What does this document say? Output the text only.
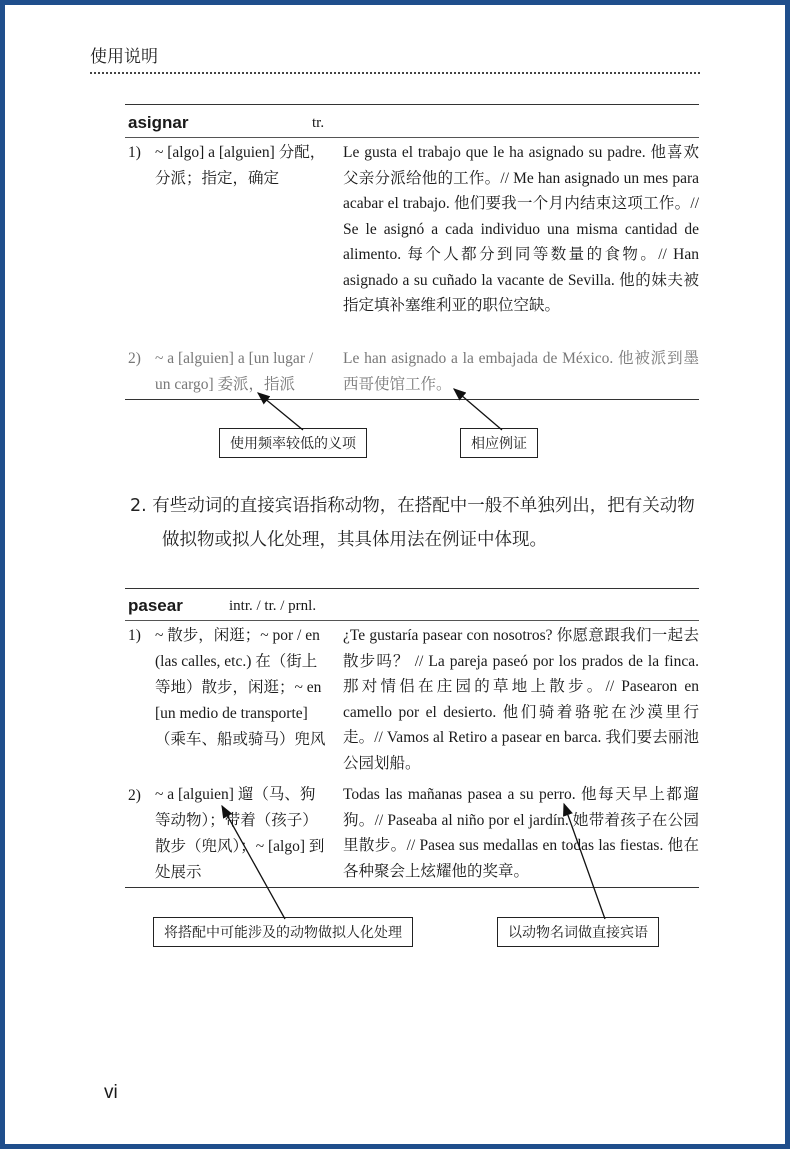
使用说明
asignar	tr.
1) ~ [algo] a [alguien] 分配，分派；指定，确定
Le gusta el trabajo que le ha asignado su padre. 他喜欢父亲分派给他的工作。// Me han asignado un mes para acabar el trabajo. 他们要我一个月内结束这项工作。// Se le asignó a cada individuo una misma cantidad de alimento. 每个人都分到同等数量的食物。// Han asignado a su cuñado la vacante de Sevilla. 他的妹夫被指定填补塞维利亚的职位空缺。
2) ~ a [alguien] a [un lugar / un cargo] 委派，指派
Le han asignado a la embajada de México. 他被派到墨西哥使馆工作。
使用频率较低的义项	相应例证
2. 有些动词的直接宾语指称动物，在搭配中一般不单独列出，把有关动物做拟物或拟人化处理，其具体用法在例证中体现。
pasear	intr. / tr. / prnl.
1) ~ 散步，闲逛；~ por / en (las calles, etc.) 在（街上等地）散步，闲逛；~ en [un medio de transporte]（乘车、船或骑马）兜风
¿Te gustaría pasear con nosotros? 你愿意跟我们一起去散步吗？ // La pareja paseó por los prados de la finca. 那对情侣在庄园的草地上散步。// Pasearon en camello por el desierto. 他们骑着骆驼在沙漠里行走。// Vamos al Retiro a pasear en barca. 我们要去丽池公园划船。
2) ~ a [alguien] 遛（马、狗等动物）；带着（孩子）散步（兜风）；~ [algo] 到处展示
Todas las mañanas pasea a su perro. 他每天早上都遛狗。// Paseaba al niño por el jardín. 她带着孩子在公园里散步。// Pasea sus medallas en todas las fiestas. 他在各种聚会上炫耀他的奖章。
将搭配中可能涉及的动物做拟人化处理	以动物名词做直接宾语
vi
